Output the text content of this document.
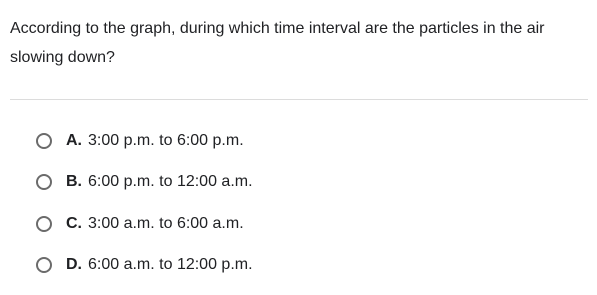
According to the graph, during which time interval are the particles in the air slowing down?

A. 3:00 p.m. to 6:00 p.m.
B. 6:00 p.m. to 12:00 a.m.
C. 3:00 a.m. to 6:00 a.m.
D. 6:00 a.m. to 12:00 p.m.
